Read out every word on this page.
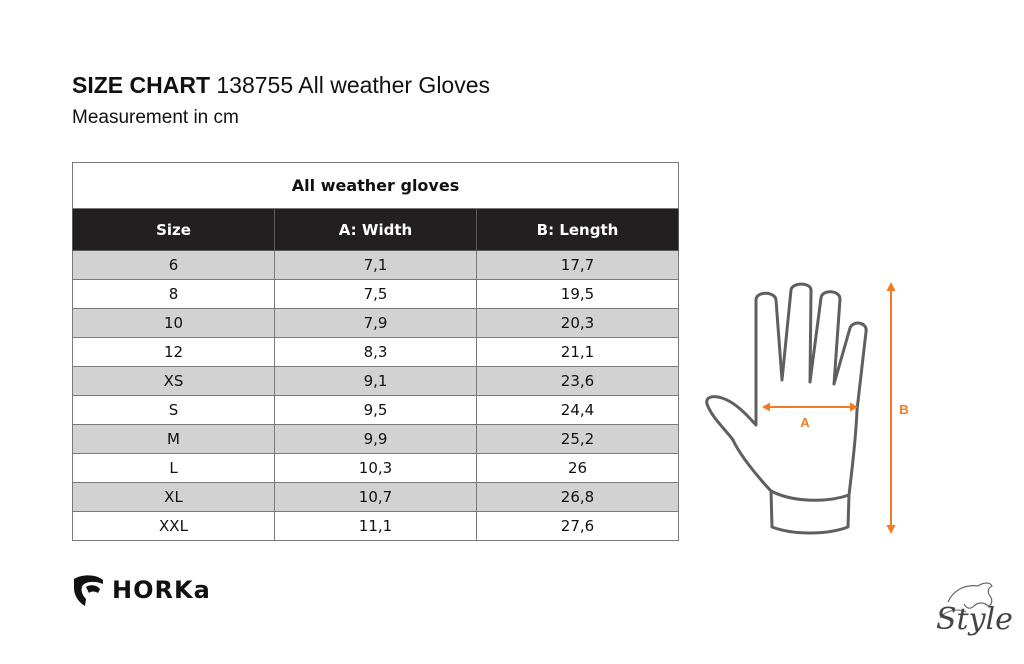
SIZE CHART 138755 All weather Gloves
Measurement in cm
All weather gloves		
Size	A: Width	B: Length
6	7,1	17,7
8	7,5	19,5
10	7,9	20,3
12	8,3	21,1
XS	9,1	23,6
S	9,5	24,4
M	9,9	25,2
L	10,3	26
XL	10,7	26,8
XXL	11,1	27,6
A
B
HORKa
Style
